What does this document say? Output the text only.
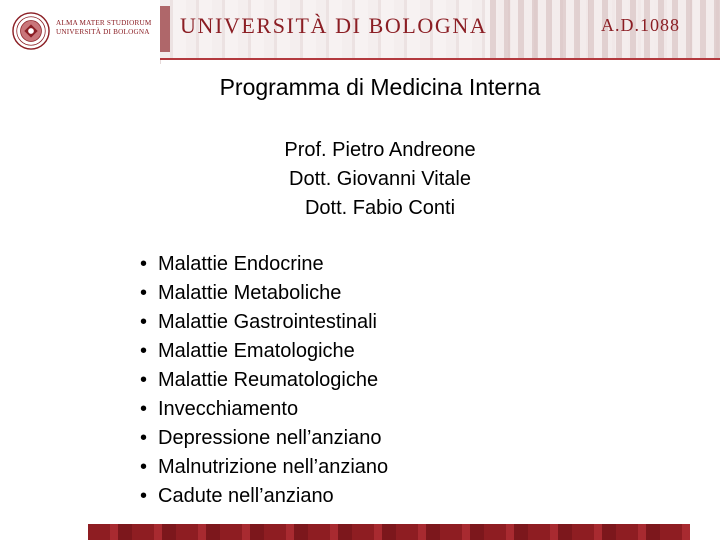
ALMA MATER STUDIORUM
UNIVERSITÀ DI BOLOGNA UNIVERSITÀ DI BOLOGNA	A.D.1088
Programma di Medicina Interna
Prof. Pietro Andreone
Dott. Giovanni Vitale
Dott. Fabio Conti
• Malattie Endocrine
• Malattie Metaboliche
• Malattie Gastrointestinali
• Malattie Ematologiche
• Malattie Reumatologiche
• Invecchiamento
• Depressione nell’anziano
• Malnutrizione nell’anziano
• Cadute nell’anziano
